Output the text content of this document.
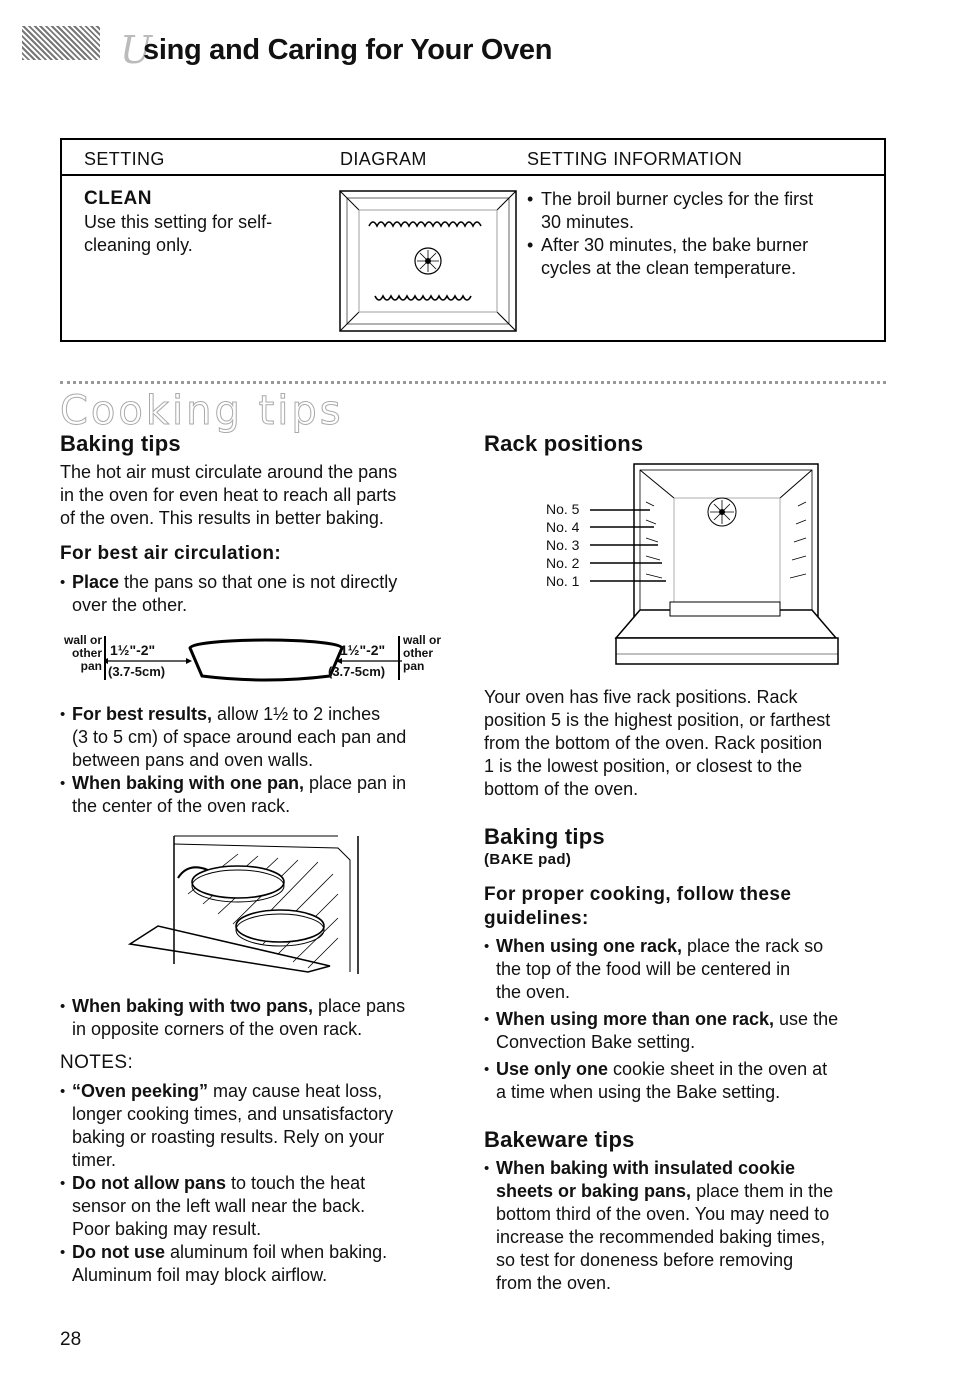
U
sing and Caring for Your Oven
SETTING	DIAGRAM	SETTING INFORMATION
CLEAN
Use this setting for self-
cleaning only.
• The broil burner cycles for the first
30 minutes.
• After 30 minutes, the bake burner
cycles at the clean temperature.
Cooking tips
Baking tips
The hot air must circulate around the pans
in the oven for even heat to reach all parts
of the oven. This results in better baking.
For best air circulation:
• Place the pans so that one is not directly
over the other.
wall or
other
pan
1½"-2"
(3.7-5cm)
1½"-2"
(3.7-5cm)
wall or
other
pan
• For best results, allow 1½ to 2 inches
(3 to 5 cm) of space around each pan and
between pans and oven walls.
• When baking with one pan, place pan in
the center of the oven rack.
• When baking with two pans, place pans
in opposite corners of the oven rack.
NOTES:
• “Oven peeking” may cause heat loss,
longer cooking times, and unsatisfactory
baking or roasting results. Rely on your
timer.
• Do not allow pans to touch the heat
sensor on the left wall near the back.
Poor baking may result.
• Do not use aluminum foil when baking.
Aluminum foil may block airflow.
Rack positions
No. 5
No. 4
No. 3
No. 2
No. 1
Your oven has five rack positions. Rack
position 5 is the highest position, or farthest
from the bottom of the oven. Rack position
1 is the lowest position, or closest to the
bottom of the oven.
Baking tips
(BAKE pad)
For proper cooking, follow these
guidelines:
• When using one rack, place the rack so
the top of the food will be centered in
the oven.
• When using more than one rack, use the
Convection Bake setting.
• Use only one cookie sheet in the oven at
a time when using the Bake setting.
Bakeware tips
• When baking with insulated cookie
sheets or baking pans, place them in the
bottom third of the oven. You may need to
increase the recommended baking times,
so test for doneness before removing
from the oven.
28
